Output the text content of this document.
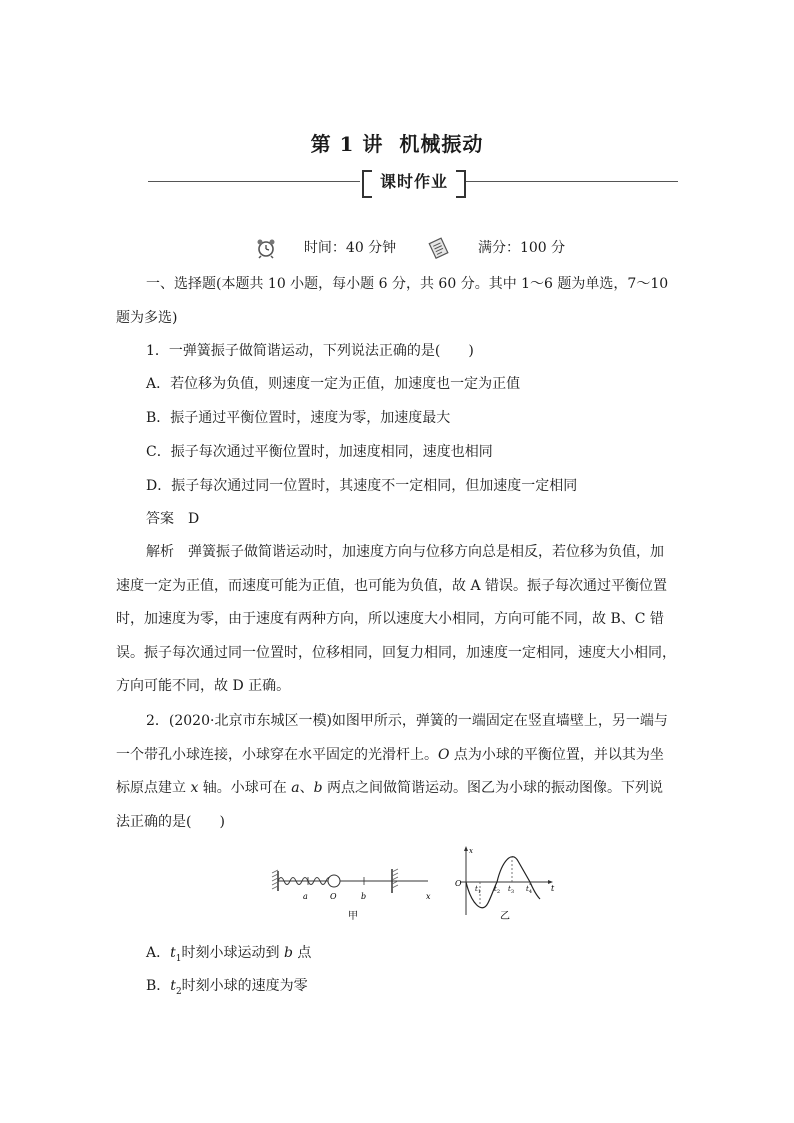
第 1 讲 机械振动
课时作业
时间：40 分钟	满分：100 分
一、选择题(本题共 10 小题，每小题 6 分，共 60 分。其中 1～6 题为单选，7～10 题为多选)
1．一弹簧振子做简谐运动，下列说法正确的是(　　)
A．若位移为负值，则速度一定为正值，加速度也一定为正值
B．振子通过平衡位置时，速度为零，加速度最大
C．振子每次通过平衡位置时，加速度相同，速度也相同
D．振子每次通过同一位置时，其速度不一定相同，但加速度一定相同
答案 D
解析 弹簧振子做简谐运动时，加速度方向与位移方向总是相反，若位移为负值，加速度一定为正值，而速度可能为正值，也可能为负值，故 A 错误。振子每次通过平衡位置时，加速度为零，由于速度有两种方向，所以速度大小相同，方向可能不同，故 B、C 错误。振子每次通过同一位置时，位移相同，回复力相同，加速度一定相同，速度大小相同，方向可能不同，故 D 正确。
2．(2020·北京市东城区一模)如图甲所示，弹簧的一端固定在竖直墙壁上，另一端与一个带孔小球连接，小球穿在水平固定的光滑杆上。O 点为小球的平衡位置，并以其为坐标原点建立 x 轴。小球可在 a、b 两点之间做简谐运动。图乙为小球的振动图像。下列说法正确的是(　　)
a	O	b	x
甲
x
O
t
$t_1$ $t_2$ $t_3$ $t_4$
乙
A．$t_1$时刻小球运动到 b 点
B．$t_2$时刻小球的速度为零
